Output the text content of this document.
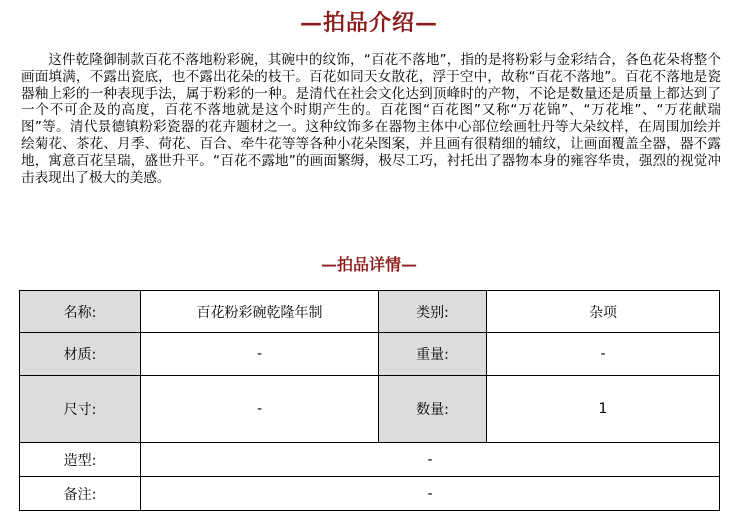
—拍品介绍—

这件乾隆御制款百花不落地粉彩碗，其碗中的纹饰，“百花不落地”，指的是将粉彩与金彩结合，各色花朵将整个画面填满，不露出瓷底，也不露出花朵的枝干。百花如同天女散花，浮于空中，故称“百花不落地”。百花不落地是瓷器釉上彩的一种表现手法，属于粉彩的一种。是清代在社会文化达到顶峰时的产物，不论是数量还是质量上都达到了一个不可企及的高度，百花不落地就是这个时期产生的。百花图“百花图”又称“万花锦”、“万花堆”、“万花献瑞图”等。清代景德镇粉彩瓷器的花卉题材之一。这种纹饰多在器物主体中心部位绘画牡丹等大朵纹样，在周围加绘并绘菊花、茶花、月季、荷花、百合、牵牛花等等各种小花朵图案，并且画有很精细的辅纹，让画面覆盖全器，器不露地，寓意百花呈瑞，盛世升平。“百花不露地”的画面繁缛，极尽工巧，衬托出了器物本身的雍容华贵，强烈的视觉冲击表现出了极大的美感。

—拍品详情—
名称:	百花粉彩碗乾隆年制	类别:	杂项
材质:	-	重量:	-
尺寸:	-	数量:	1
造型:	-		
备注:	-		
